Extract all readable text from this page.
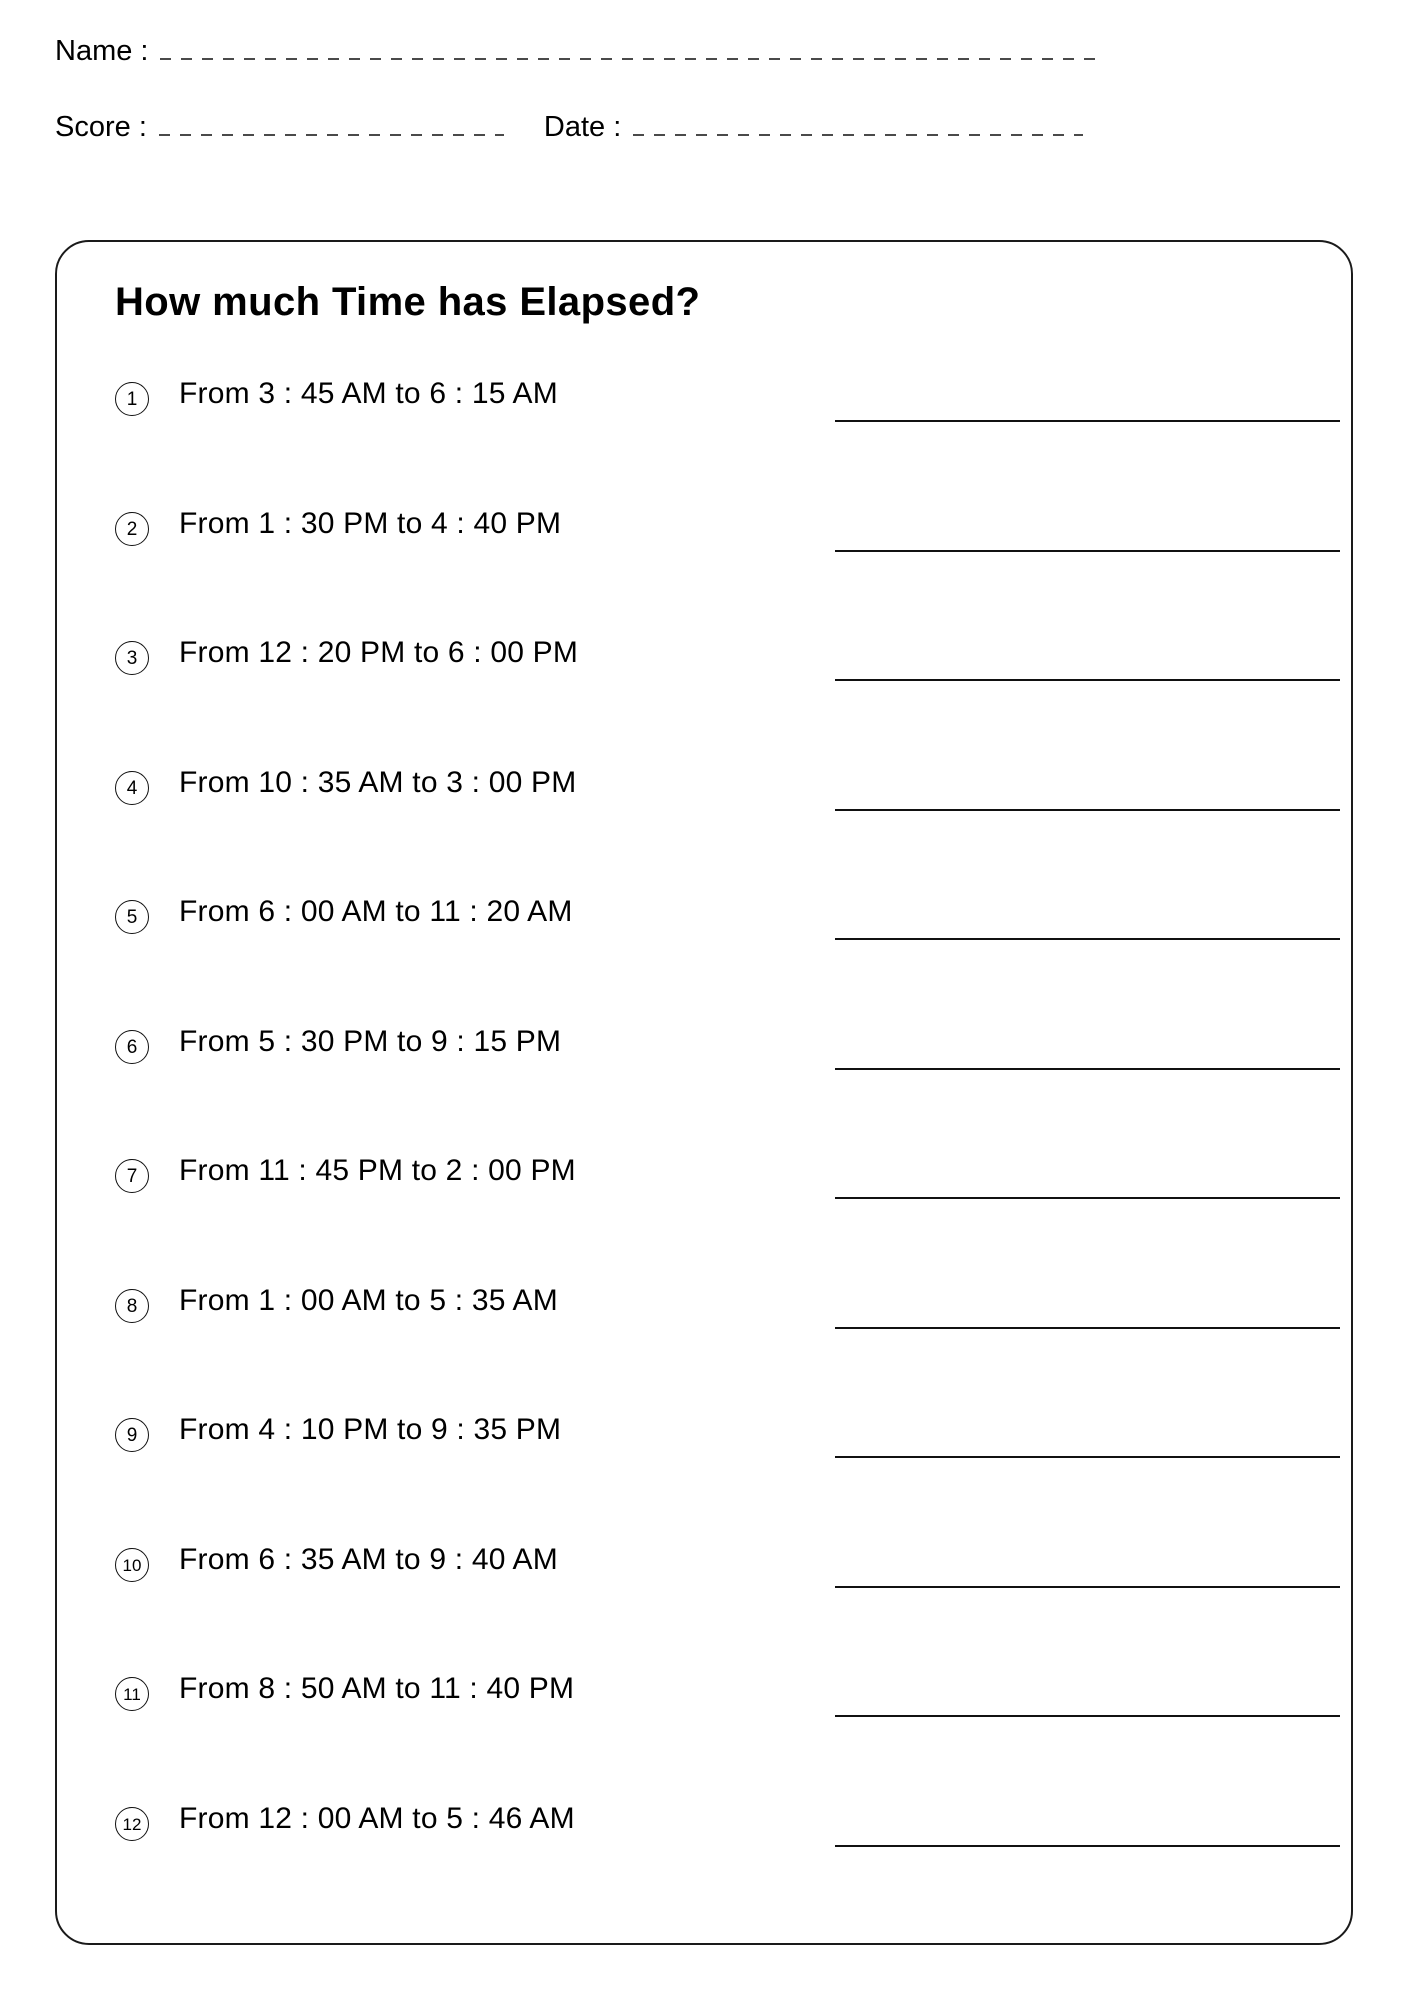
Name :
Score :	Date :
How much Time has Elapsed?
1	From 3 : 45 AM to 6 : 15 AM
2	From 1 : 30 PM to 4 : 40 PM
3	From 12 : 20 PM to 6 : 00 PM
4	From 10 : 35 AM to 3 : 00 PM
5	From 6 : 00 AM to 11 : 20 AM
6	From 5 : 30 PM to 9 : 15 PM
7	From 11 : 45 PM to 2 : 00 PM
8	From 1 : 00 AM to 5 : 35 AM
9	From 4 : 10 PM to 9 : 35 PM
10 From 6 : 35 AM to 9 : 40 AM
11 From 8 : 50 AM to 11 : 40 PM
12 From 12 : 00 AM to 5 : 46 AM
